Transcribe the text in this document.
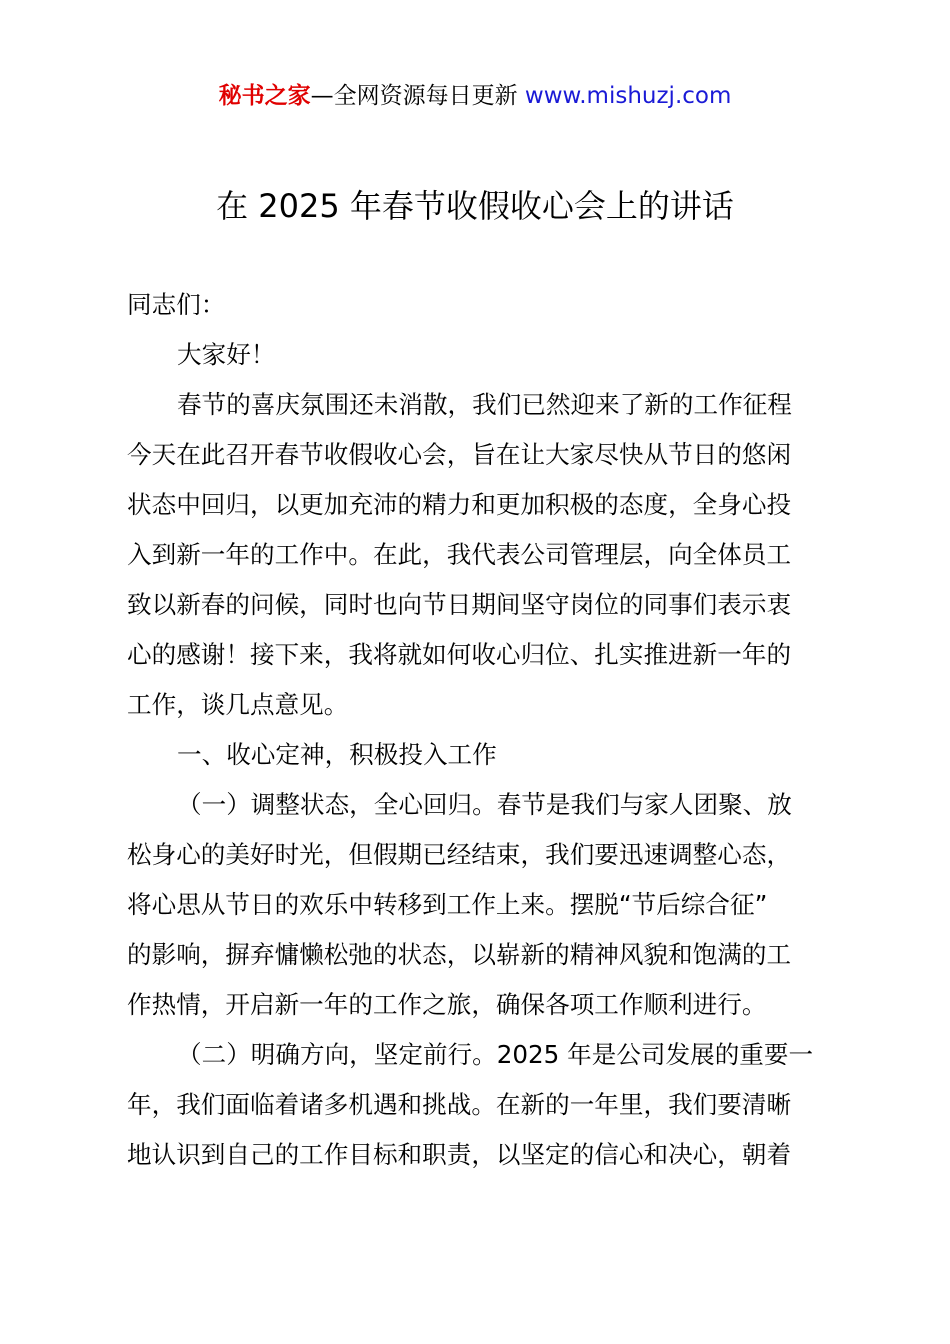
秘书之家—全网资源每日更新 www.mishuzj.com
在 2025 年春节收假收心会上的讲话
同志们：
大家好！
春节的喜庆氛围还未消散，我们已然迎来了新的工作征程
今天在此召开春节收假收心会，旨在让大家尽快从节日的悠闲
状态中回归，以更加充沛的精力和更加积极的态度，全身心投
入到新一年的工作中。在此，我代表公司管理层，向全体员工
致以新春的问候，同时也向节日期间坚守岗位的同事们表示衷
心的感谢！接下来，我将就如何收心归位、扎实推进新一年的
工作，谈几点意见。
一、收心定神，积极投入工作
（一）调整状态，全心回归。春节是我们与家人团聚、放
松身心的美好时光，但假期已经结束，我们要迅速调整心态，
将心思从节日的欢乐中转移到工作上来。摆脱“节后综合征”
的影响，摒弃慵懒松弛的状态，以崭新的精神风貌和饱满的工
作热情，开启新一年的工作之旅，确保各项工作顺利进行。
（二）明确方向，坚定前行。2025 年是公司发展的重要一
年，我们面临着诸多机遇和挑战。在新的一年里，我们要清晰
地认识到自己的工作目标和职责，以坚定的信心和决心，朝着
